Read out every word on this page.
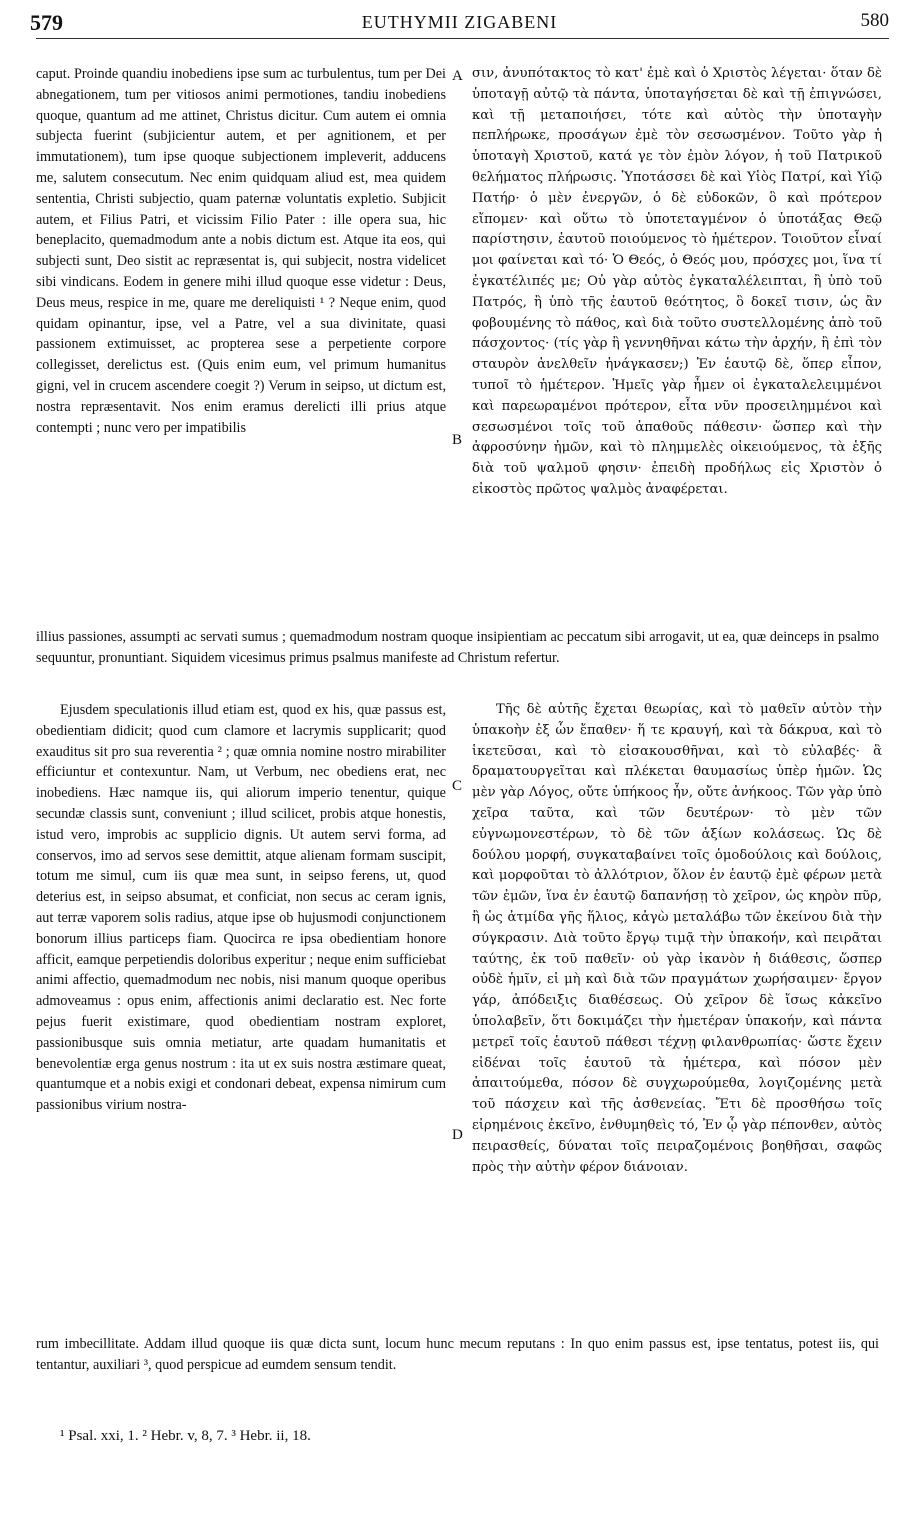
579	EUTHYMII ZIGABENI	580

caput. Proinde quandiu inobediens ipse sum ac turbulentus, tum per Dei abnegationem, tum per vitiosos animi permotiones, tandiu inobediens quoque, quantum ad me attinet, Christus dicitur. Cum autem ei omnia subjecta fuerint (subjicientur autem, et per agnitionem, et per immutationem), tum ipse quoque subjectionem impleverit, adducens me, salutem consecutum. Nec enim quidquam aliud est, mea quidem sententia, Christi subjectio, quam paternæ voluntatis expletio. Subjicit autem, et Filius Patri, et vicissim Filio Pater : ille opera sua, hic beneplacito, quemadmodum ante a nobis dictum est. Atque ita eos, qui subjecti sunt, Deo sistit ac repræsentat is, qui subjecit, nostra videlicet sibi vindicans. Eodem in genere mihi illud quoque esse videtur : Deus, Deus meus, respice in me, quare me dereliquisti ¹ ? Neque enim, quod quidam opinantur, ipse, vel a Patre, vel a sua divinitate, quasi passionem extimuisset, ac propterea sese a perpetiente corpore collegisset, derelictus est. (Quis enim eum, vel primum humanitus gigni, vel in crucem ascendere coegit ?) Verum in seipso, ut dictum est, nostra repræsentavit. Nos enim eramus derelicti illi prius atque contempti ; nunc vero per impatibilis

σιν, ἀνυπότακτος τὸ κατ' ἐμὲ καὶ ὁ Χριστὸς λέγεται· ὅταν δὲ ὑποταγῇ αὐτῷ τὰ πάντα, ὑποταγήσεται δὲ καὶ τῇ ἐπιγνώσει, καὶ τῇ μεταποιήσει, τότε καὶ αὐτὸς τὴν ὑποταγὴν πεπλήρωκε, προσάγων ἐμὲ τὸν σεσωσμένον. Τοῦτο γὰρ ἡ ὑποταγὴ Χριστοῦ, κατά γε τὸν ἐμὸν λόγον, ἡ τοῦ Πατρικοῦ θελήματος πλήρωσις. Ὑποτάσσει δὲ καὶ Υἱὸς Πατρί, καὶ Υἱῷ Πατήρ· ὁ μὲν ἐνεργῶν, ὁ δὲ εὐδοκῶν, ὃ καὶ πρότερον εἴπομεν· καὶ οὕτω τὸ ὑποτεταγμένον ὁ ὑποτάξας Θεῷ παρίστησιν, ἑαυτοῦ ποιούμενος τὸ ἡμέτερον. Τοιοῦτον εἶναί μοι φαίνεται καὶ τό· Ὁ Θεός, ὁ Θεός μου, πρόσχες μοι, ἵνα τί ἐγκατέλιπές με; Οὐ γὰρ αὐτὸς ἐγκαταλέλειπται, ἢ ὑπὸ τοῦ Πατρός, ἢ ὑπὸ τῆς ἑαυτοῦ θεότητος, ὃ δοκεῖ τισιν, ὡς ἂν φοβουμένης τὸ πάθος, καὶ διὰ τοῦτο συστελλομένης ἀπὸ τοῦ πάσχοντος· (τίς γὰρ ἢ γεννηθῆναι κάτω τὴν ἀρχήν, ἢ ἐπὶ τὸν σταυρὸν ἀνελθεῖν ἠνάγκασεν;) Ἐν ἑαυτῷ δὲ, ὅπερ εἶπον, τυποῖ τὸ ἡμέτερον. Ἡμεῖς γὰρ ἦμεν οἱ ἐγκαταλελειμμένοι καὶ παρεωραμένοι πρότερον, εἶτα νῦν προσειλημμένοι καὶ σεσωσμένοι τοῖς τοῦ ἀπαθοῦς πάθεσιν· ὥσπερ καὶ τὴν ἀφροσύνην ἡμῶν, καὶ τὸ πλημμελὲς οἰκειούμενος, τὰ ἑξῆς διὰ τοῦ ψαλμοῦ φησιν· ἐπειδὴ προδήλως εἰς Χριστὸν ὁ εἰκοστὸς πρῶτος ψαλμὸς ἀναφέρεται.

illius passiones, assumpti ac servati sumus ; quemadmodum nostram quoque insipientiam ac peccatum sibi arrogavit, ut ea, quæ deinceps in psalmo sequuntur, pronuntiant. Siquidem vicesimus primus psalmus manifeste ad Christum refertur.

Ejusdem speculationis illud etiam est, quod ex his, quæ passus est, obedientiam didicit; quod cum clamore et lacrymis supplicarit; quod exauditus sit pro sua reverentia ² ; quæ omnia nomine nostro mirabiliter efficiuntur et contexuntur. Nam, ut Verbum, nec obediens erat, nec inobediens. Hæc namque iis, qui aliorum imperio tenentur, quique secundæ classis sunt, conveniunt ; illud scilicet, probis atque honestis, istud vero, improbis ac supplicio dignis. Ut autem servi forma, ad conservos, imo ad servos sese demittit, atque alienam formam suscipit, totum me simul, cum iis quæ mea sunt, in seipso ferens, ut, quod deterius est, in seipso absumat, et conficiat, non secus ac ceram ignis, aut terræ vaporem solis radius, atque ipse ob hujusmodi conjunctionem bonorum illius particeps fiam. Quocirca re ipsa obedientiam honore afficit, eamque perpetiendis doloribus experitur ; neque enim sufficiebat animi affectio, quemadmodum nec nobis, nisi manum quoque operibus admoveamus : opus enim, affectionis animi declaratio est. Nec forte pejus fuerit existimare, quod obedientiam nostram exploret, passionibusque suis omnia metiatur, arte quadam humanitatis et benevolentiæ erga genus nostrum : ita ut ex suis nostra æstimare queat, quantumque et a nobis exigi et condonari debeat, expensa nimirum cum passionibus virium nostra-

Τῆς δὲ αὐτῆς ἔχεται θεωρίας, καὶ τὸ μαθεῖν αὐτὸν τὴν ὑπακοὴν ἐξ ὧν ἔπαθεν· ἥ τε κραυγή, καὶ τὰ δάκρυα, καὶ τὸ ἱκετεῦσαι, καὶ τὸ εἰσακουσθῆναι, καὶ τὸ εὐλαβές· ἃ δραματουργεῖται καὶ πλέκεται θαυμασίως ὑπὲρ ἡμῶν. Ὡς μὲν γὰρ Λόγος, οὔτε ὑπήκοος ἦν, οὔτε ἀνήκοος. Τῶν γὰρ ὑπὸ χεῖρα ταῦτα, καὶ τῶν δευτέρων· τὸ μὲν τῶν εὐγνωμονεστέρων, τὸ δὲ τῶν ἀξίων κολάσεως. Ὡς δὲ δούλου μορφή, συγκαταβαίνει τοῖς ὁμοδούλοις καὶ δούλοις, καὶ μορφοῦται τὸ ἀλλότριον, ὅλον ἐν ἑαυτῷ ἐμὲ φέρων μετὰ τῶν ἐμῶν, ἵνα ἐν ἑαυτῷ δαπανήσῃ τὸ χεῖρον, ὡς κηρὸν πῦρ, ἢ ὡς ἀτμίδα γῆς ἥλιος, κἀγὼ μεταλάβω τῶν ἐκείνου διὰ τὴν σύγκρασιν. Διὰ τοῦτο ἔργῳ τιμᾷ τὴν ὑπακοήν, καὶ πειρᾶται ταύτης, ἐκ τοῦ παθεῖν· οὐ γὰρ ἱκανὸν ἡ διάθεσις, ὥσπερ οὐδὲ ἡμῖν, εἰ μὴ καὶ διὰ τῶν πραγμάτων χωρήσαιμεν· ἔργον γάρ, ἀπόδειξις διαθέσεως. Οὐ χεῖρον δὲ ἴσως κἀκεῖνο ὑπολαβεῖν, ὅτι δοκιμάζει τὴν ἡμετέραν ὑπακοήν, καὶ πάντα μετρεῖ τοῖς ἑαυτοῦ πάθεσι τέχνῃ φιλανθρωπίας· ὥστε ἔχειν εἰδέναι τοῖς ἑαυτοῦ τὰ ἡμέτερα, καὶ πόσον μὲν ἀπαιτούμεθα, πόσον δὲ συγχωρούμεθα, λογιζομένης μετὰ τοῦ πάσχειν καὶ τῆς ἀσθενείας. Ἔτι δὲ προσθήσω τοῖς εἰρημένοις ἐκεῖνο, ἐνθυμηθεὶς τό, Ἐν ᾧ γὰρ πέπονθεν, αὐτὸς πειρασθείς, δύναται τοῖς πειραζομένοις βοηθῆσαι, σαφῶς πρὸς τὴν αὐτὴν φέρον διάνοιαν.

rum imbecillitate. Addam illud quoque iis quæ dicta sunt, locum hunc mecum reputans : In quo enim passus est, ipse tentatus, potest iis, qui tentantur, auxiliari ³, quod perspicue ad eumdem sensum tendit.
A
B
C
D
¹ Psal. xxi, 1. ² Hebr. v, 8, 7. ³ Hebr. ii, 18.
